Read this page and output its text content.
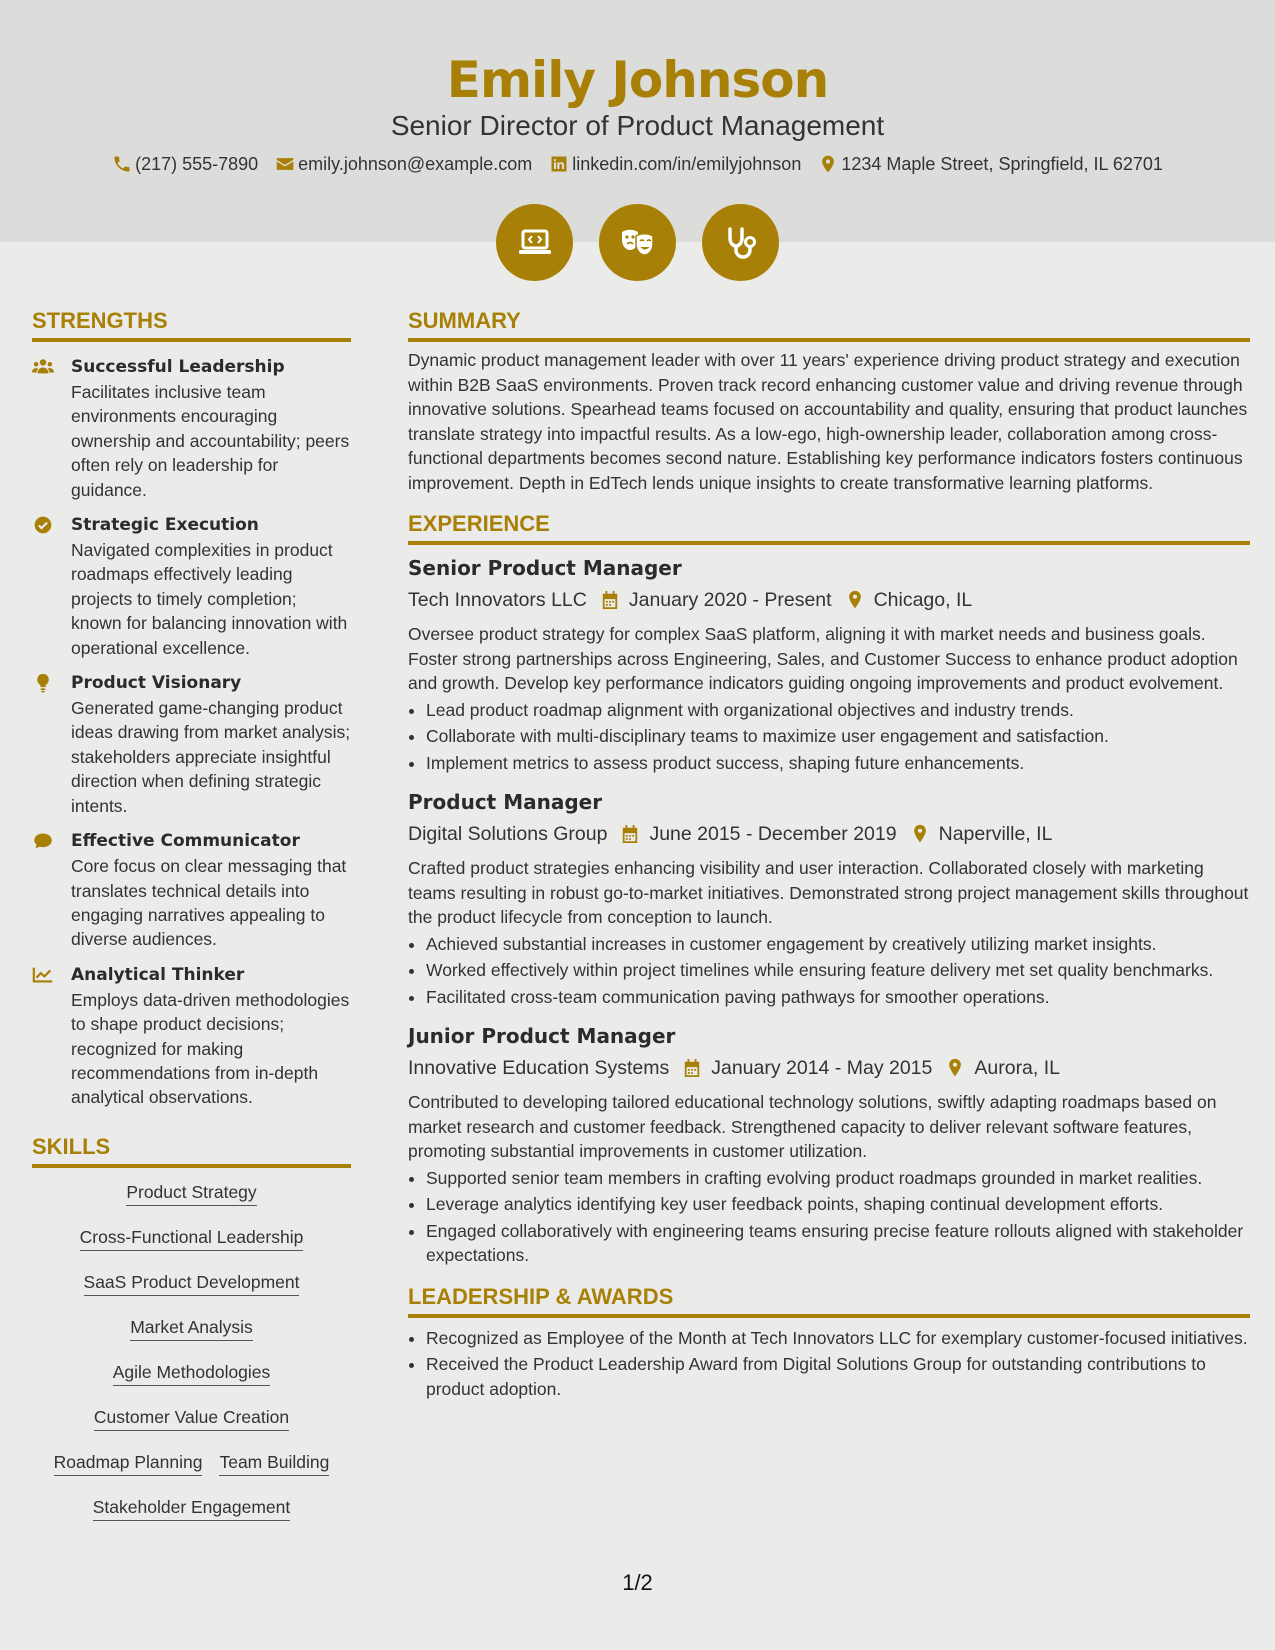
Emily Johnson
Senior Director of Product Management
(217) 555-7890 emily.johnson@example.com linkedin.com/in/emilyjohnson 1234 Maple Street, Springfield, IL 62701
STRENGTHS
Successful Leadership
Facilitates inclusive team environments encouraging ownership and accountability; peers often rely on leadership for guidance.
Strategic Execution
Navigated complexities in product roadmaps effectively leading projects to timely completion; known for balancing innovation with operational excellence.
Product Visionary
Generated game-changing product ideas drawing from market analysis; stakeholders appreciate insightful direction when defining strategic intents.
Effective Communicator
Core focus on clear messaging that translates technical details into engaging narratives appealing to diverse audiences.
Analytical Thinker
Employs data-driven methodologies to shape product decisions; recognized for making recommendations from in-depth analytical observations.
SKILLS
Product Strategy
Cross-Functional Leadership
SaaS Product Development
Market Analysis
Agile Methodologies
Customer Value Creation
Roadmap Planning Team Building
Stakeholder Engagement
SUMMARY

Dynamic product management leader with over 11 years' experience driving product strategy and execution within B2B SaaS environments. Proven track record enhancing customer value and driving revenue through innovative solutions. Spearhead teams focused on accountability and quality, ensuring that product launches translate strategy into impactful results. As a low-ego, high-ownership leader, collaboration among cross-functional departments becomes second nature. Establishing key performance indicators fosters continuous improvement. Depth in EdTech lends unique insights to create transformative learning platforms.

EXPERIENCE
Senior Product Manager
Tech Innovators LLC January 2020 - Present Chicago, IL
Oversee product strategy for complex SaaS platform, aligning it with market needs and business goals. Foster strong partnerships across Engineering, Sales, and Customer Success to enhance product adoption and growth. Develop key performance indicators guiding ongoing improvements and product evolvement.
• Lead product roadmap alignment with organizational objectives and industry trends.
• Collaborate with multi-disciplinary teams to maximize user engagement and satisfaction.
• Implement metrics to assess product success, shaping future enhancements.
Product Manager
Digital Solutions Group June 2015 - December 2019 Naperville, IL
Crafted product strategies enhancing visibility and user interaction. Collaborated closely with marketing teams resulting in robust go-to-market initiatives. Demonstrated strong project management skills throughout the product lifecycle from conception to launch.
• Achieved substantial increases in customer engagement by creatively utilizing market insights.
• Worked effectively within project timelines while ensuring feature delivery met set quality benchmarks.
• Facilitated cross-team communication paving pathways for smoother operations.
Junior Product Manager
Innovative Education Systems January 2014 - May 2015 Aurora, IL
Contributed to developing tailored educational technology solutions, swiftly adapting roadmaps based on market research and customer feedback. Strengthened capacity to deliver relevant software features, promoting substantial improvements in customer utilization.
• Supported senior team members in crafting evolving product roadmaps grounded in market realities.
• Leverage analytics identifying key user feedback points, shaping continual development efforts.
• Engaged collaboratively with engineering teams ensuring precise feature rollouts aligned with stakeholder expectations.
LEADERSHIP & AWARDS
• Recognized as Employee of the Month at Tech Innovators LLC for exemplary customer-focused initiatives.
• Received the Product Leadership Award from Digital Solutions Group for outstanding contributions to product adoption.
1/2
